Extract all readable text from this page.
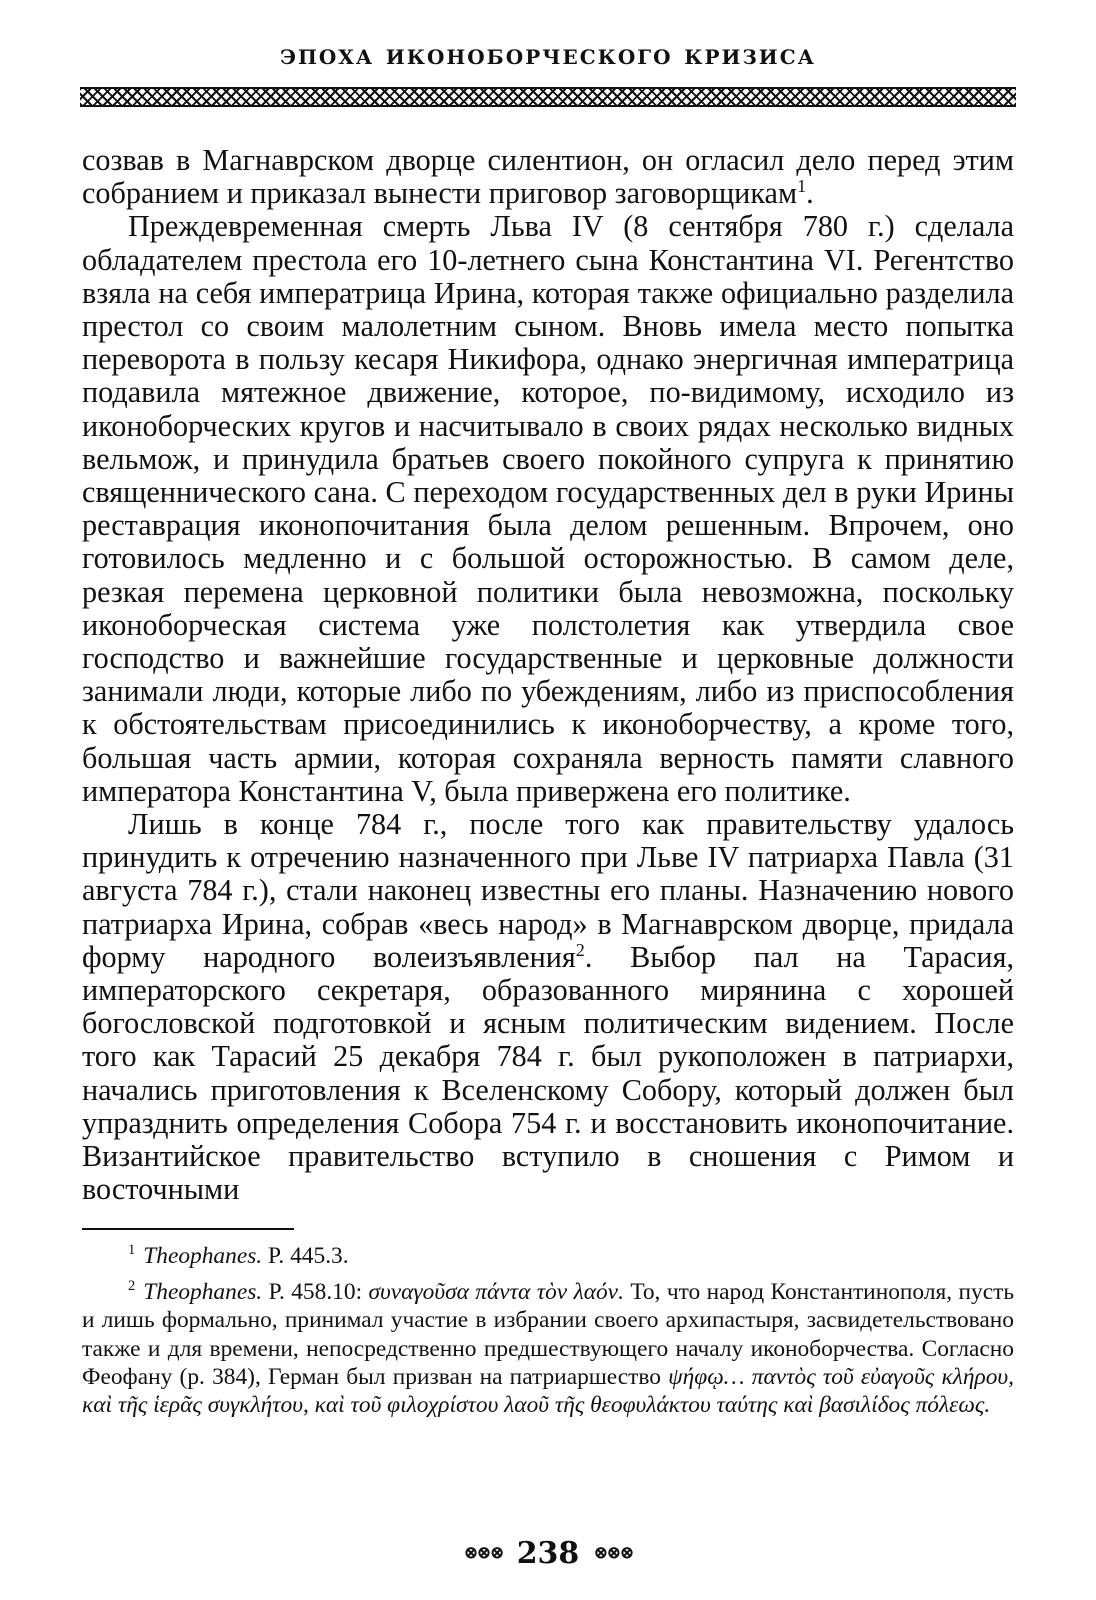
эпоха иконоборческого кризиса

созвав в Магнаврском дворце силентион, он огласил дело перед этим собранием и приказал вынести приговор заговорщикам$^1$.

Преждевременная смерть Льва IV (8 сентября 780 г.) сделала обладателем престола его 10-летнего сына Константина VI. Регентство взяла на себя императрица Ирина, которая также официально разделила престол со своим малолетним сыном. Вновь имела место попытка переворота в пользу кесаря Никифора, однако энергичная императрица подавила мятежное движение, которое, по-видимому, исходило из иконоборческих кругов и насчитывало в своих рядах несколько видных вельмож, и принудила братьев своего покойного супруга к принятию священнического сана. С переходом государственных дел в руки Ирины реставрация иконопочитания была делом решенным. Впрочем, оно готовилось медленно и с большой осторожностью. В самом деле, резкая перемена церковной политики была невозможна, поскольку иконоборческая система уже полстолетия как утвердила свое господство и важнейшие государственные и церковные должности занимали люди, которые либо по убеждениям, либо из приспособления к обстоятельствам присоединились к иконоборчеству, а кроме того, большая часть армии, которая сохраняла верность памяти славного императора Константина V, была привержена его политике.

Лишь в конце 784 г., после того как правительству удалось принудить к отречению назначенного при Льве IV патриарха Павла (31 августа 784 г.), стали наконец известны его планы. Назначению нового патриарха Ирина, собрав «весь народ» в Магнаврском дворце, придала форму народного волеизъявления$^2$. Выбор пал на Тарасия, императорского секретаря, образованного мирянина с хорошей богословской подготовкой и ясным политическим видением. После того как Тарасий 25 декабря 784 г. был рукоположен в патриархи, начались приготовления к Вселенскому Собору, который должен был упразднить определения Собора 754 г. и восстановить иконопочитание. Византийское правительство вступило в сношения с Римом и восточными

$^1$ Theophanes. P. 445.3.

$^2$ Theophanes. P. 458.10: συναγοῦσα πάντα τὸν λαόν. То, что народ Константинополя, пусть и лишь формально, принимал участие в избрании своего архипастыря, засвидетельствовано также и для времени, непосредственно предшествующего началу иконоборчества. Согласно Феофану (p. 384), Герман был призван на патриаршество ψήφῳ… παντὸς τοῦ εὐαγοῦς κλήρου, καὶ τῆς ἱερᾶς συγκλήτου, καὶ τοῦ φιλοχρίστου λαοῦ τῆς θεοφυλάκτου ταύτης καὶ βασιλίδος πόλεως.

⊗⊗⊗ 238 ⊗⊗⊗
